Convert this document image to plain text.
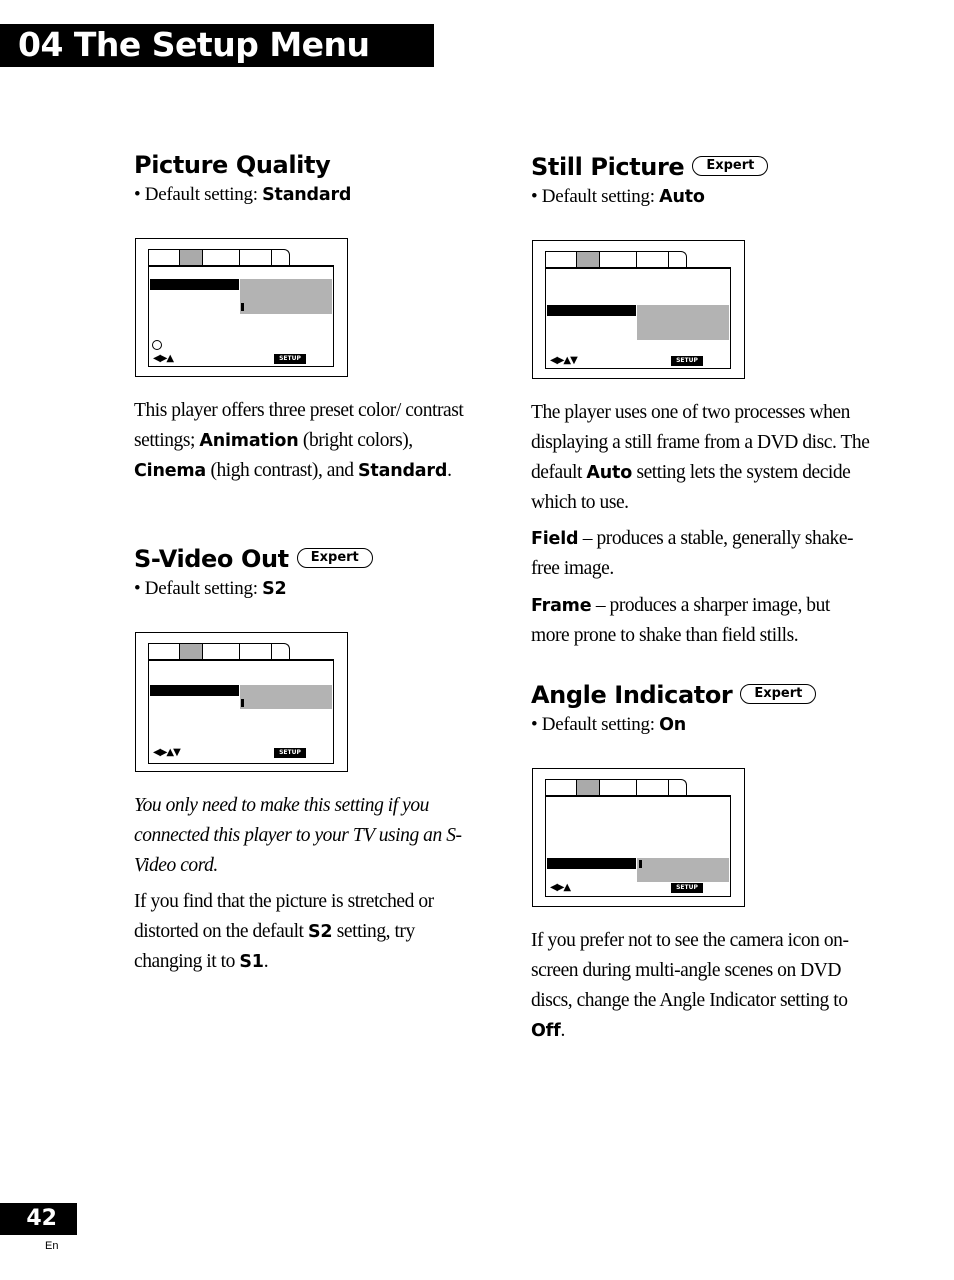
04 The Setup Menu
Picture Quality
• Default setting: Standard
◀▶▲	SETUP

This player offers three preset color/ contrast settings; Animation (bright colors), Cinema (high contrast), and Standard.

S-Video Out Expert
• Default setting: S2
◀▶▲▼	SETUP

You only need to make this setting if you connected this player to your TV using an S-Video cord.

If you find that the picture is stretched or distorted on the default S2 setting, try changing it to S1.

Still Picture Expert
• Default setting: Auto
◀▶▲▼	SETUP

The player uses one of two processes when displaying a still frame from a DVD disc. The default Auto setting lets the system decide which to use.

Field – produces a stable, generally shake-free image.

Frame – produces a sharper image, but more prone to shake than field stills.

Angle Indicator Expert
• Default setting: On
◀▶▲	SETUP

If you prefer not to see the camera icon on-screen during multi-angle scenes on DVD discs, change the Angle Indicator setting to Off.

42
En
